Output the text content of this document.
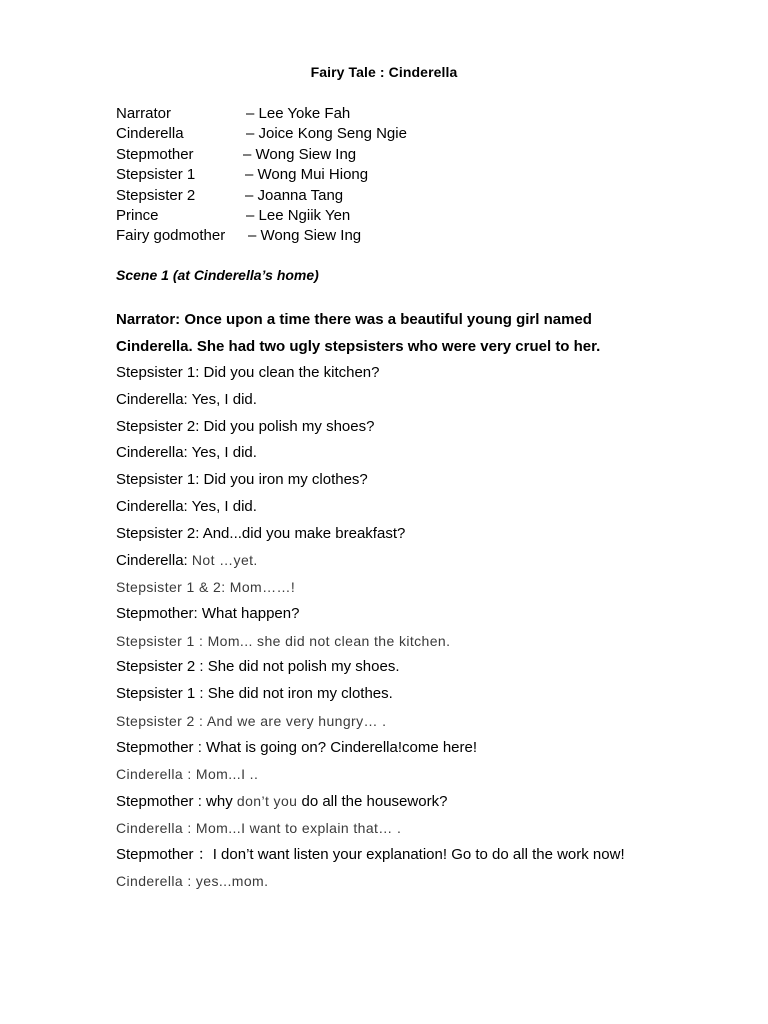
Fairy Tale : Cinderella
Narrator	– Lee Yoke Fah
Cinderella	– Joice Kong Seng Ngie
Stepmother	– Wong Siew Ing
Stepsister 1	– Wong Mui Hiong
Stepsister 2	– Joanna Tang
Prince	– Lee Ngiik Yen
Fairy godmother – Wong Siew Ing
Scene 1 (at Cinderella’s home)
Narrator: Once upon a time there was a beautiful young girl named
Cinderella. She had two ugly stepsisters who were very cruel to her.
Stepsister 1: Did you clean the kitchen?
Cinderella: Yes, I did.
Stepsister 2: Did you polish my shoes?
Cinderella: Yes, I did.
Stepsister 1: Did you iron my clothes?
Cinderella: Yes, I did.
Stepsister 2: And...did you make breakfast?
Cinderella: Not …yet.
Stepsister 1 & 2: Mom……!
Stepmother: What happen?
Stepsister 1 : Mom... she did not clean the kitchen.
Stepsister 2 : She did not polish my shoes.
Stepsister 1 : She did not iron my clothes.
Stepsister 2 : And we are very hungry… .
Stepmother : What is going on? Cinderella!come here!
Cinderella : Mom...I ..
Stepmother : why don’t you do all the housework?
Cinderella : Mom...I want to explain that… .
Stepmother ：I don’t want listen your explanation! Go to do all the work now!
Cinderella : yes...mom.
